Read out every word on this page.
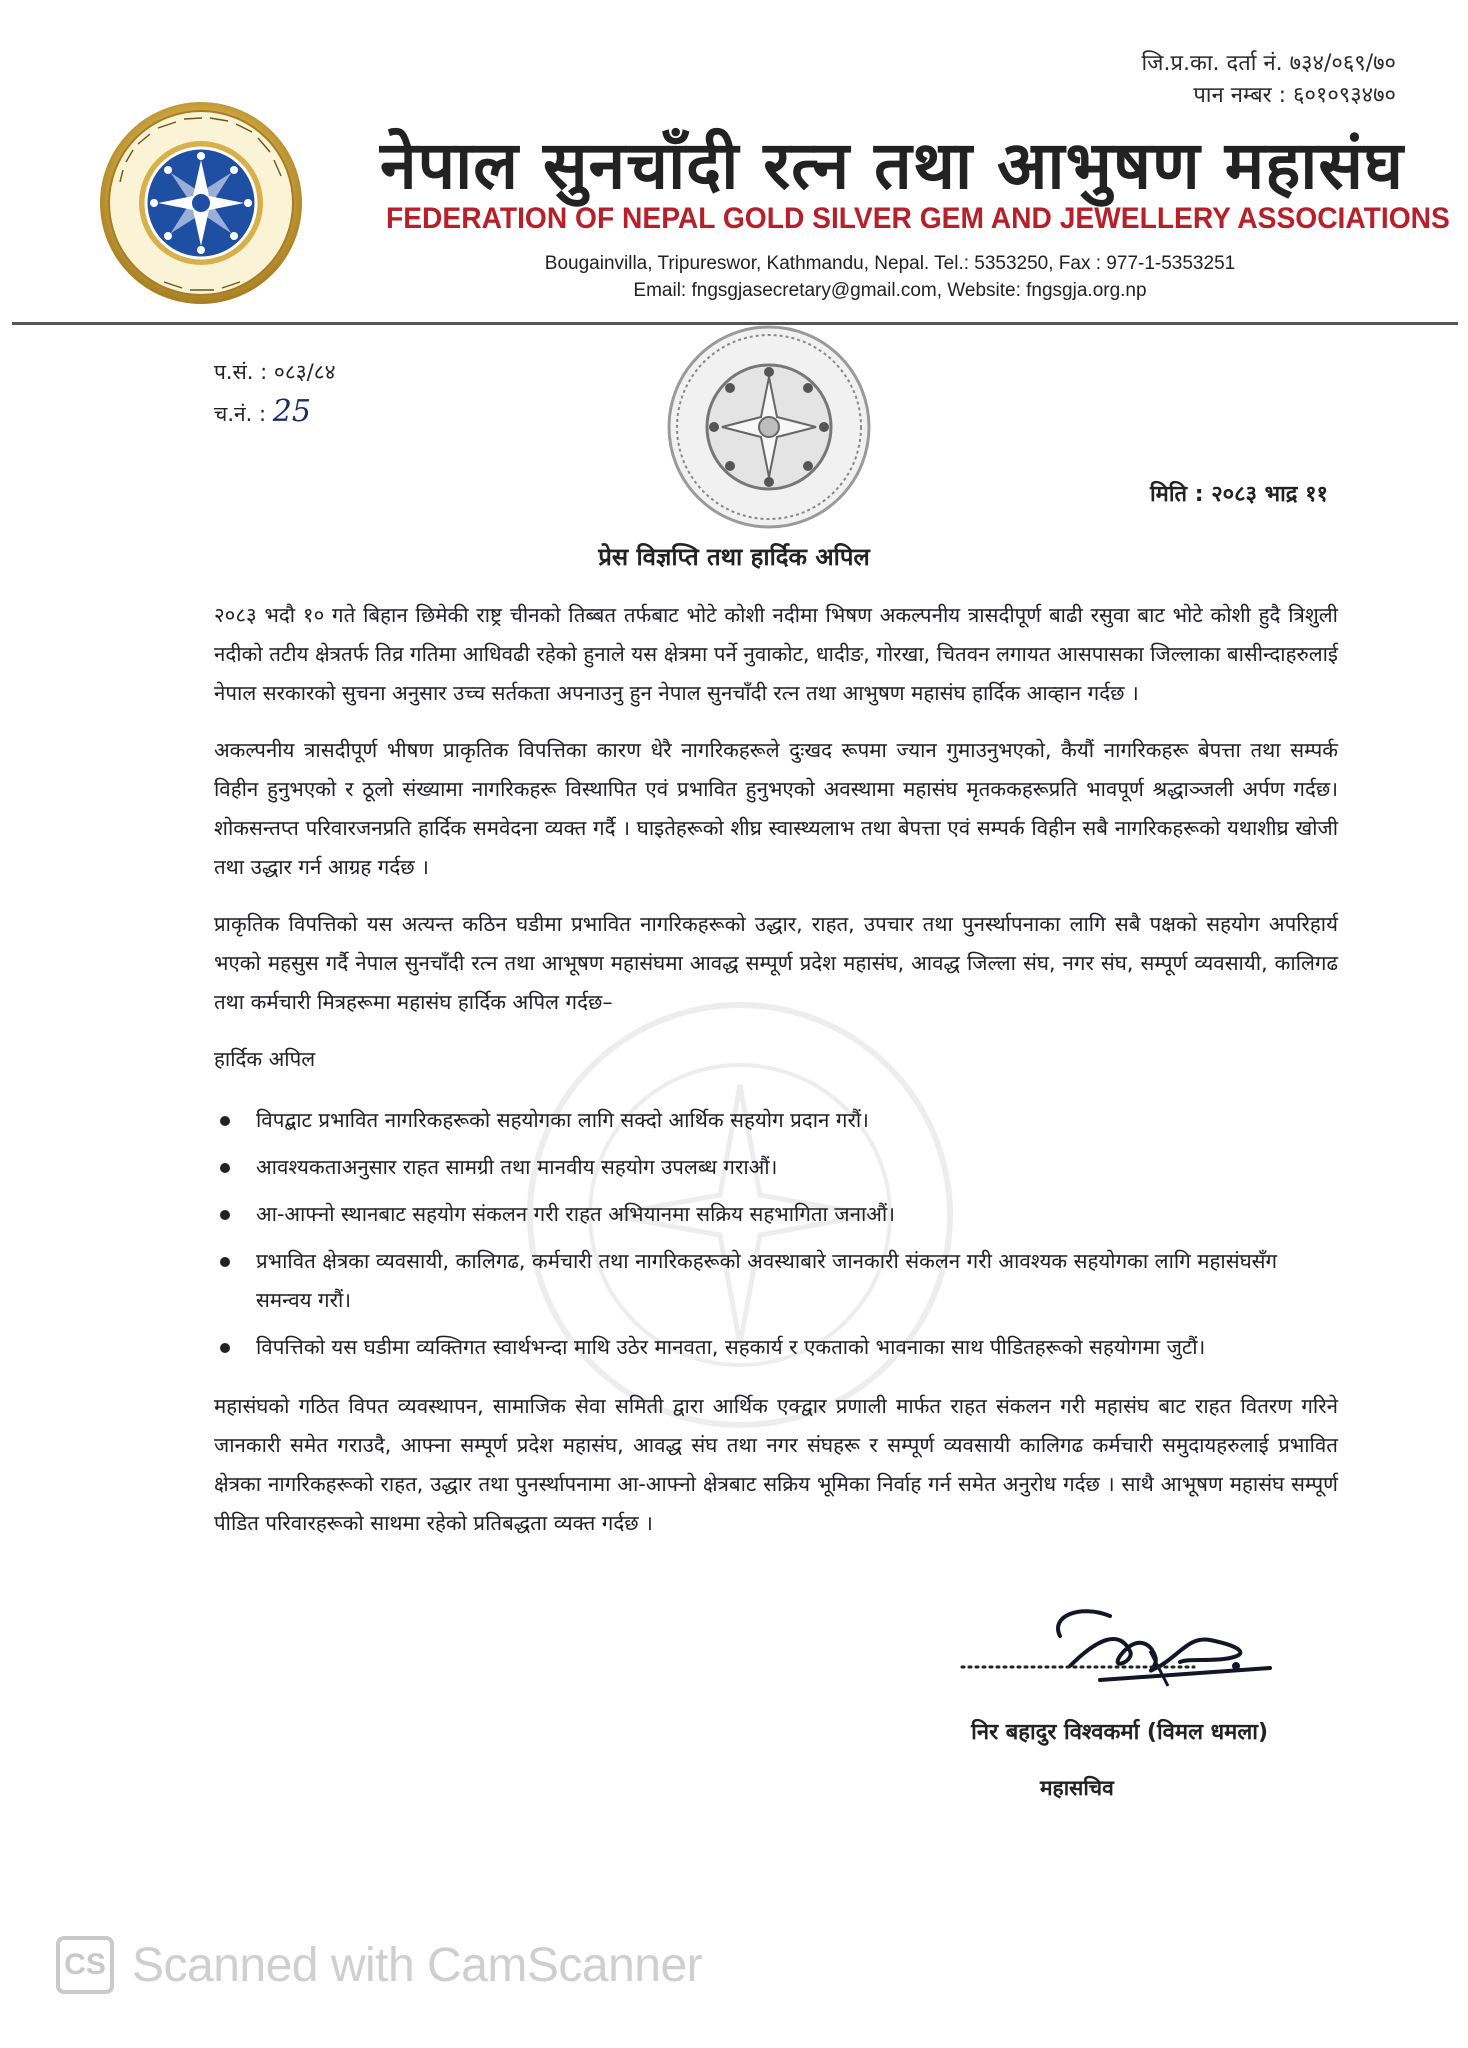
जि.प्र.का. दर्ता नं. ७३४/०६९/७०
पान नम्बर : ६०१०९३४७०
नेपाल सुनचाँदी रत्न तथा आभुषण महासंघ
FEDERATION OF NEPAL GOLD SILVER GEM AND JEWELLERY ASSOCIATIONS
Bougainvilla, Tripureswor, Kathmandu, Nepal. Tel.: 5353250, Fax : 977-1-5353251
Email: fngsgjasecretary@gmail.com, Website: fngsgja.org.np
प.सं. : ०८३/८४
च.नं. : 25
मिति : २०८३ भाद्र ११
प्रेस विज्ञप्ति तथा हार्दिक अपिल

२०८३ भदौ १० गते बिहान छिमेकी राष्ट्र चीनको तिब्बत तर्फबाट भोटे कोशी नदीमा भिषण अकल्पनीय त्रासदीपूर्ण बाढी रसुवा बाट भोटे कोशी हुदै त्रिशुली नदीको तटीय क्षेत्रतर्फ तिव्र गतिमा आधिवढी रहेको हुनाले यस क्षेत्रमा पर्ने नुवाकोट, धादीङ, गोरखा, चितवन लगायत आसपासका जिल्लाका बासीन्दाहरुलाई नेपाल सरकारको सुचना अनुसार उच्च सर्तकता अपनाउनु हुन नेपाल सुनचाँदी रत्न तथा आभुषण महासंघ हार्दिक आव्हान गर्दछ ।

अकल्पनीय त्रासदीपूर्ण भीषण प्राकृतिक विपत्तिका कारण धेरै नागरिकहरूले दुःखद रूपमा ज्यान गुमाउनुभएको, कैयौं नागरिकहरू बेपत्ता तथा सम्पर्क विहीन हुनुभएको र ठूलो संख्यामा नागरिकहरू विस्थापित एवं प्रभावित हुनुभएको अवस्थामा महासंघ मृतककहरूप्रति भावपूर्ण श्रद्धाञ्जली अर्पण गर्दछ। शोकसन्तप्त परिवारजनप्रति हार्दिक समवेदना व्यक्त गर्दै । घाइतेहरूको शीघ्र स्वास्थ्यलाभ तथा बेपत्ता एवं सम्पर्क विहीन सबै नागरिकहरूको यथाशीघ्र खोजी तथा उद्धार गर्न आग्रह गर्दछ ।

प्राकृतिक विपत्तिको यस अत्यन्त कठिन घडीमा प्रभावित नागरिकहरूको उद्धार, राहत, उपचार तथा पुनर्स्थापनाका लागि सबै पक्षको सहयोग अपरिहार्य भएको महसुस गर्दै नेपाल सुनचाँदी रत्न तथा आभूषण महासंघमा आवद्ध सम्पूर्ण प्रदेश महासंघ, आवद्ध जिल्ला संघ, नगर संघ, सम्पूर्ण व्यवसायी, कालिगढ तथा कर्मचारी मित्रहरूमा महासंघ हार्दिक अपिल गर्दछ–

हार्दिक अपिल
विपद्बाट प्रभावित नागरिकहरूको सहयोगका लागि सक्दो आर्थिक सहयोग प्रदान गरौं।
आवश्यकताअनुसार राहत सामग्री तथा मानवीय सहयोग उपलब्ध गराऔं।
आ-आफ्नो स्थानबाट सहयोग संकलन गरी राहत अभियानमा सक्रिय सहभागिता जनाऔं।
प्रभावित क्षेत्रका व्यवसायी, कालिगढ, कर्मचारी तथा नागरिकहरूको अवस्थाबारे जानकारी संकलन गरी आवश्यक सहयोगका लागि महासंघसँग समन्वय गरौं।
विपत्तिको यस घडीमा व्यक्तिगत स्वार्थभन्दा माथि उठेर मानवता, सहकार्य र एकताको भावनाका साथ पीडितहरूको सहयोगमा जुटौं।

महासंघको गठित विपत व्यवस्थापन, सामाजिक सेवा समिती द्वारा आर्थिक एक्द्वार प्रणाली मार्फत राहत संकलन गरी महासंघ बाट राहत वितरण गरिने जानकारी समेत गराउदै, आफ्ना सम्पूर्ण प्रदेश महासंघ, आवद्ध संघ तथा नगर संघहरू र सम्पूर्ण व्यवसायी कालिगढ कर्मचारी समुदायहरुलाई प्रभावित क्षेत्रका नागरिकहरूको राहत, उद्धार तथा पुनर्स्थापनामा आ-आफ्नो क्षेत्रबाट सक्रिय भूमिका निर्वाह गर्न समेत अनुरोध गर्दछ । साथै आभूषण महासंघ सम्पूर्ण पीडित परिवारहरूको साथमा रहेको प्रतिबद्धता व्यक्त गर्दछ ।

निर बहादुर विश्वकर्मा (विमल धमला)
महासचिव
CS Scanned with CamScanner
